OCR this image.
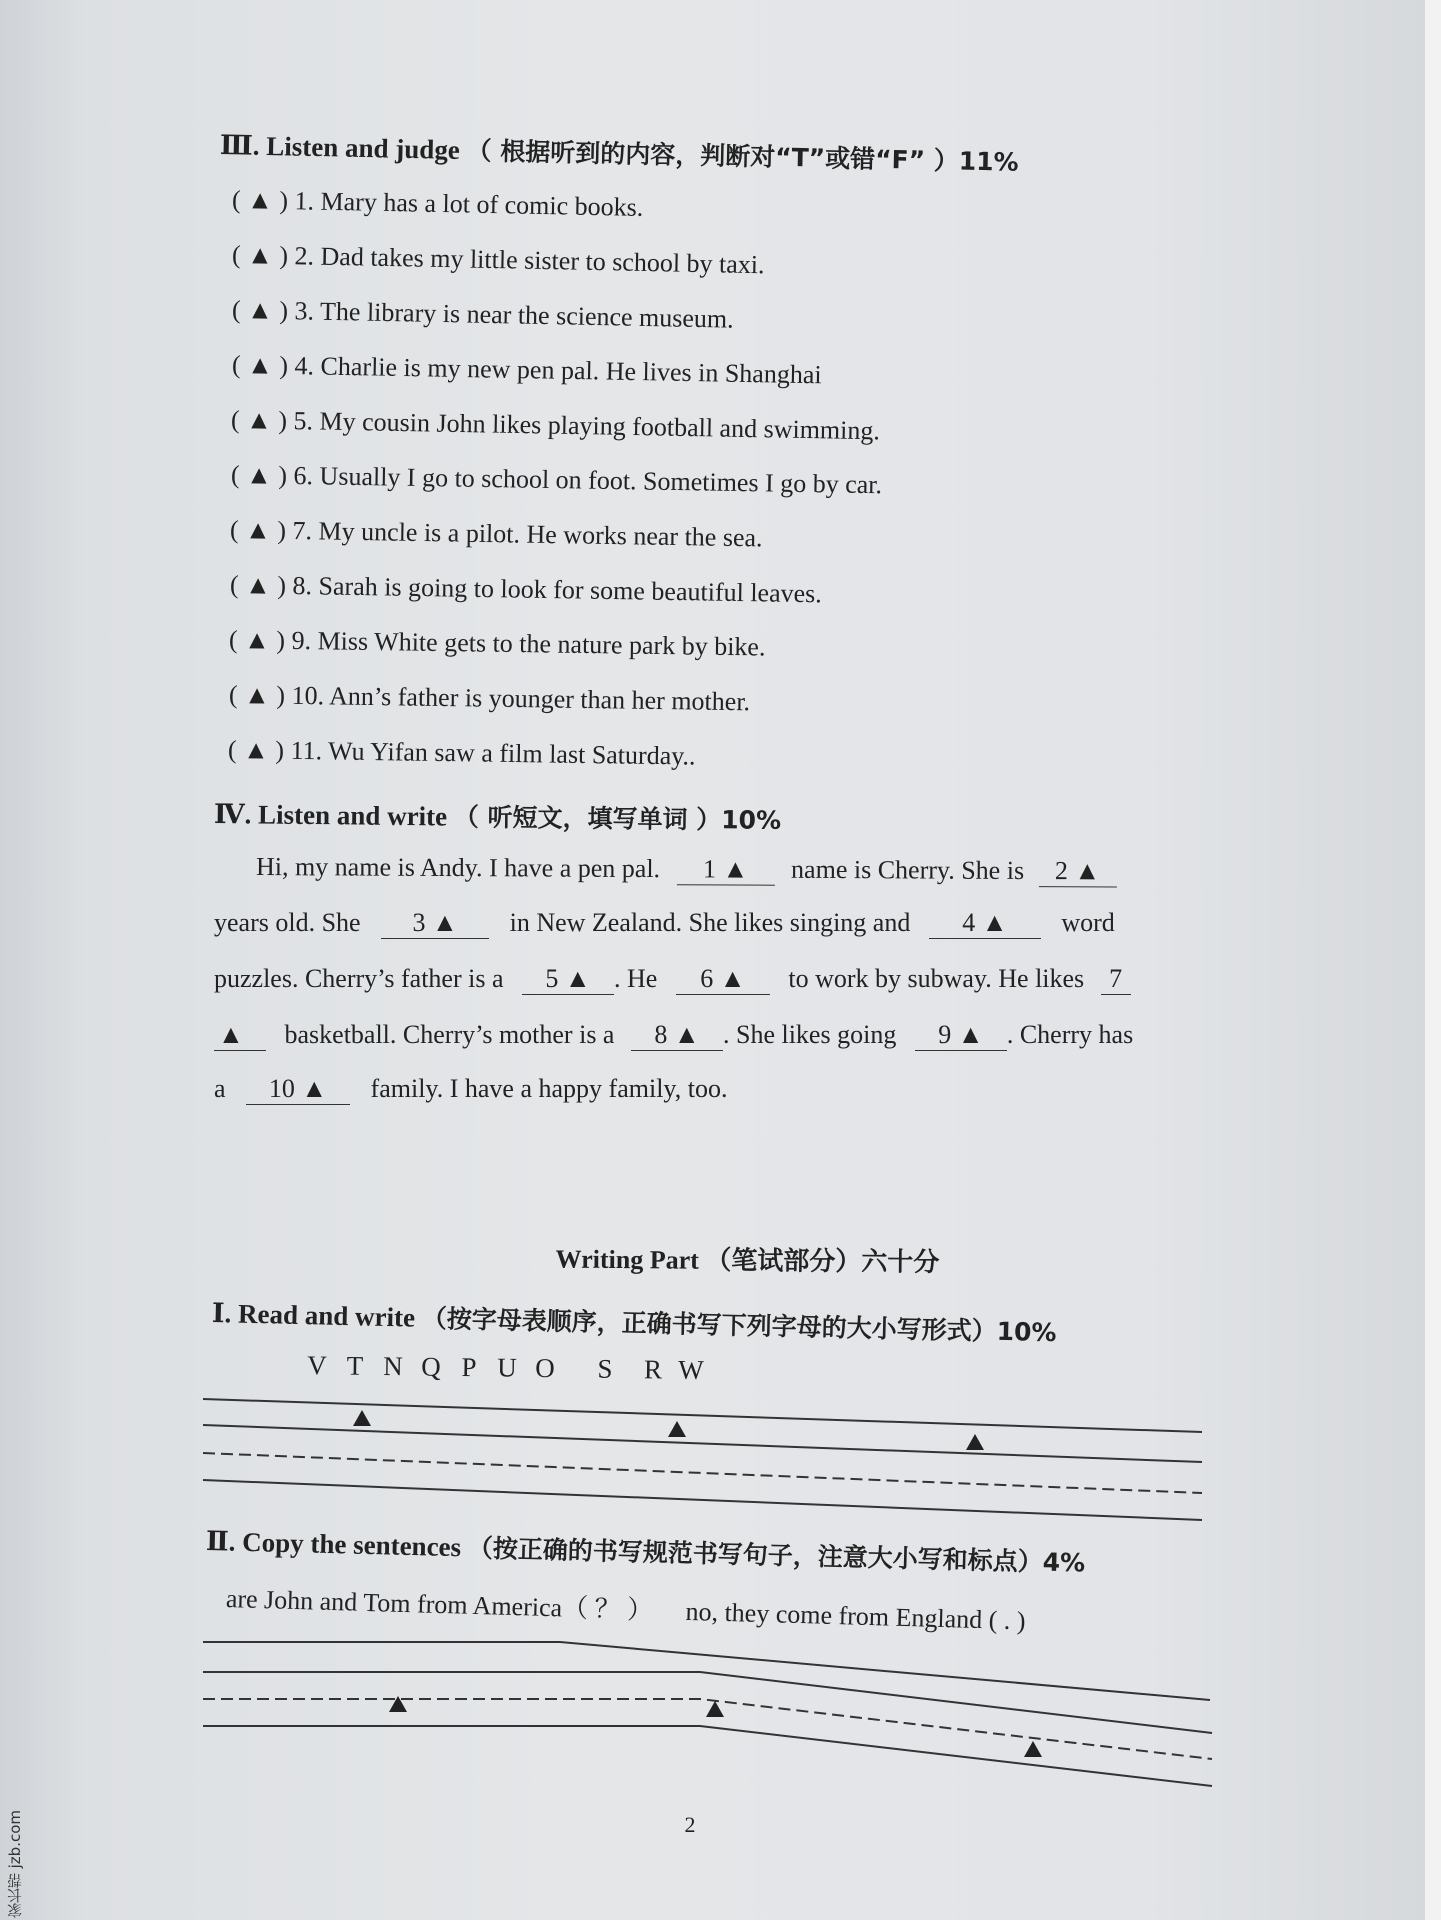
Ⅲ. Listen and judge （ 根据听到的内容，判断对“T”或错“F” ）11%
( ▲ ) 1. Mary has a lot of comic books.
( ▲ ) 2. Dad takes my little sister to school by taxi.
( ▲ ) 3. The library is near the science museum.
( ▲ ) 4. Charlie is my new pen pal. He lives in Shanghai
( ▲ ) 5. My cousin John likes playing football and swimming.
( ▲ ) 6. Usually I go to school on foot. Sometimes I go by car.
( ▲ ) 7. My uncle is a pilot. He works near the sea.
( ▲ ) 8. Sarah is going to look for some beautiful leaves.
( ▲ ) 9. Miss White gets to the nature park by bike.
( ▲ ) 10. Ann’s father is younger than her mother.
( ▲ ) 11. Wu Yifan saw a film last Saturday..
Ⅳ. Listen and write （ 听短文，填写单词 ）10%
Hi, my name is Andy. I have a pen pal. 1 ▲ name is Cherry. She is 2 ▲
years old. She 3 ▲ in New Zealand. She likes singing and 4 ▲ word
puzzles. Cherry’s father is a 5 ▲ . He 6 ▲ to work by subway. He likes 7
▲ basketball. Cherry’s mother is a 8 ▲ . She likes going 9 ▲ . Cherry has
a 10 ▲ family. I have a happy family, too.
Writing Part （笔试部分）六十分
Ⅰ. Read and write （按字母表顺序，正确书写下列字母的大小写形式）10%
V T N Q P U O S R W
Ⅱ. Copy the sentences （按正确的书写规范书写句子，注意大小写和标点）4%
are John and Tom from America（ ？ ） no, they come from England ( . )
2
家长帮 jzb.com
